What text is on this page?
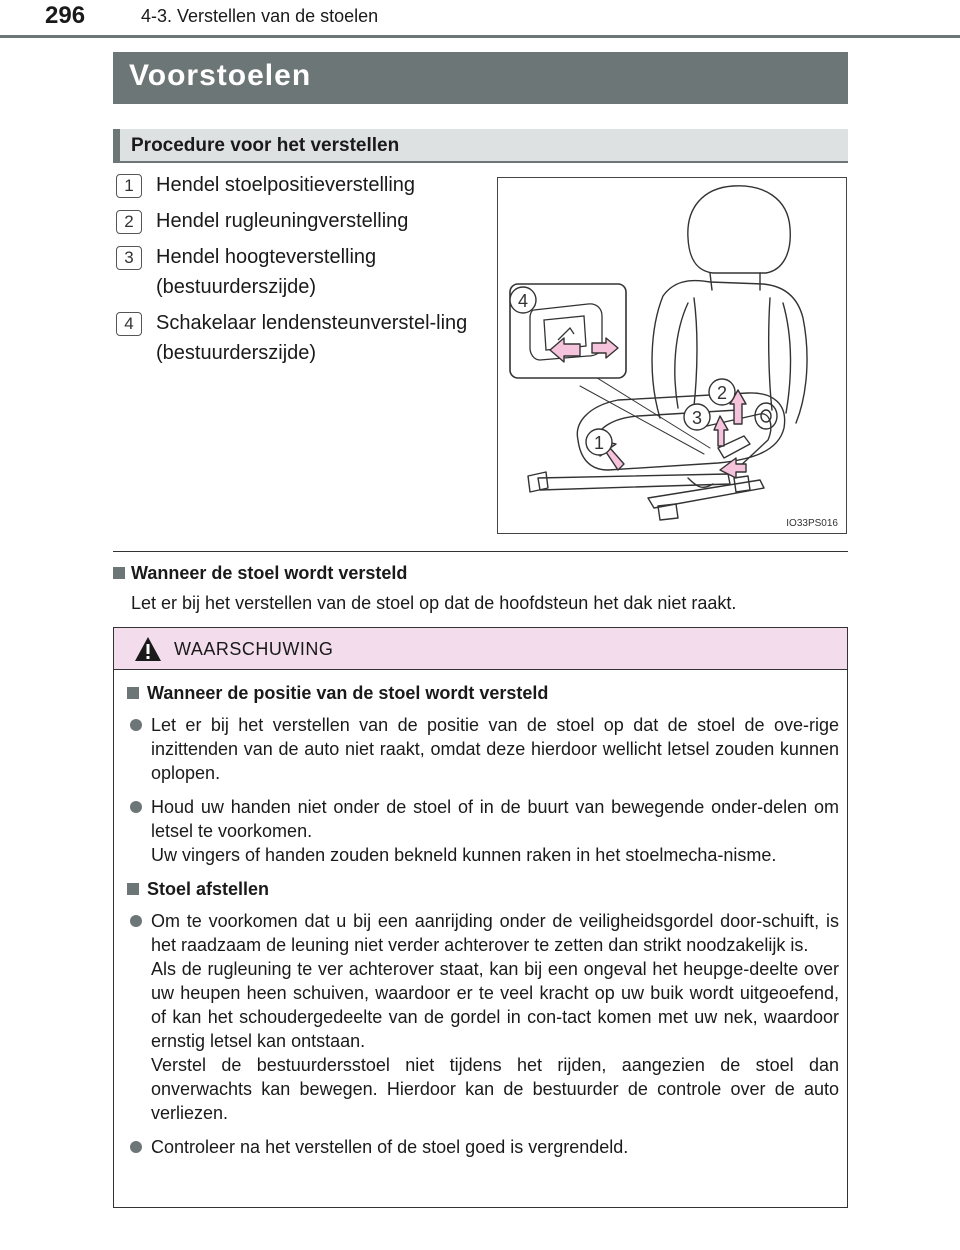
296	4-3. Verstellen van de stoelen
Voorstoelen
Procedure voor het verstellen
1	Hendel stoelpositieverstelling
2	Hendel rugleuningverstelling
3	Hendel hoogteverstelling (bestuurderszijde)
4	Schakelaar lendensteunverstel-ling (bestuurderszijde)
4
2
3
1
IO33PS016
Wanneer de stoel wordt versteld
Let er bij het verstellen van de stoel op dat de hoofdsteun het dak niet raakt.
WAARSCHUWING
Wanneer de positie van de stoel wordt versteld

Let er bij het verstellen van de positie van de stoel op dat de stoel de ove-rige inzittenden van de auto niet raakt, omdat deze hierdoor wellicht letsel zouden kunnen oplopen.

Houd uw handen niet onder de stoel of in de buurt van bewegende onder-delen om letsel te voorkomen.

Uw vingers of handen zouden bekneld kunnen raken in het stoelmecha-nisme.

Stoel afstellen

Om te voorkomen dat u bij een aanrijding onder de veiligheidsgordel door-schuift, is het raadzaam de leuning niet verder achterover te zetten dan strikt noodzakelijk is.

Als de rugleuning te ver achterover staat, kan bij een ongeval het heupge-deelte over uw heupen heen schuiven, waardoor er te veel kracht op uw buik wordt uitgeoefend, of kan het schoudergedeelte van de gordel in con-tact komen met uw nek, waardoor ernstig letsel kan ontstaan.

Verstel de bestuurdersstoel niet tijdens het rijden, aangezien de stoel dan onverwachts kan bewegen. Hierdoor kan de bestuurder de controle over de auto verliezen.

Controleer na het verstellen of de stoel goed is vergrendeld.
